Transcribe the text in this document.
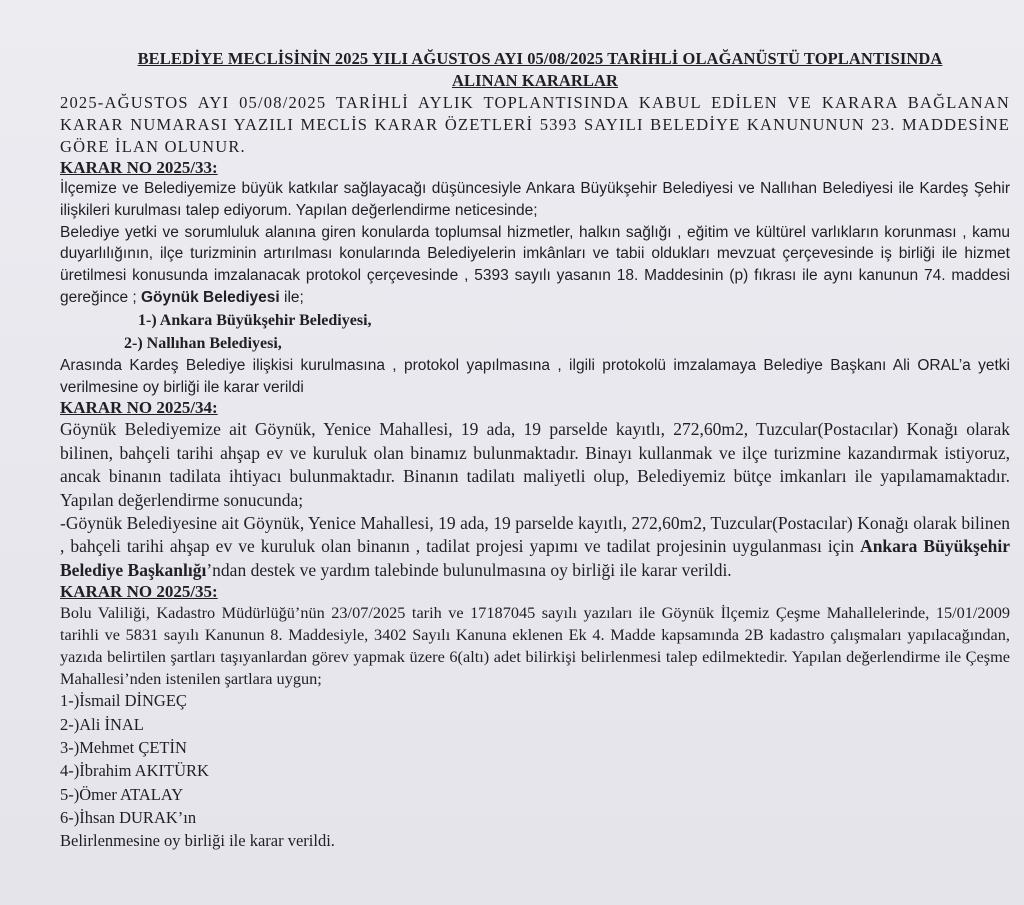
BELEDİYE MECLİSİNİN 2025 YILI AĞUSTOS AYI 05/08/2025 TARİHLİ OLAĞANÜSTÜ TOPLANTISINDA

ALINAN KARARLAR

2025-AĞUSTOS AYI 05/08/2025 TARİHLİ AYLIK TOPLANTISINDA KABUL EDİLEN VE KARARA BAĞLANAN KARAR NUMARASI YAZILI MECLİS KARAR ÖZETLERİ 5393 SAYILI BELEDİYE KANUNUNUN 23. MADDESİNE GÖRE İLAN OLUNUR.

KARAR NO 2025/33:

İlçemize ve Belediyemize büyük katkılar sağlayacağı düşüncesiyle Ankara Büyükşehir Belediyesi ve Nallıhan Belediyesi ile Kardeş Şehir ilişkileri kurulması talep ediyorum. Yapılan değerlendirme neticesinde;

Belediye yetki ve sorumluluk alanına giren konularda toplumsal hizmetler, halkın sağlığı , eğitim ve kültürel varlıkların korunması , kamu duyarlılığının, ilçe turizminin artırılması konularında Belediyelerin imkânları ve tabii oldukları mevzuat çerçevesinde iş birliği ile hizmet üretilmesi konusunda imzalanacak protokol çerçevesinde , 5393 sayılı yasanın 18. Maddesinin (p) fıkrası ile aynı kanunun 74. maddesi gereğince ; Göynük Belediyesi ile;

1-) Ankara Büyükşehir Belediyesi,

2-) Nallıhan Belediyesi,

Arasında Kardeş Belediye ilişkisi kurulmasına , protokol yapılmasına , ilgili protokolü imzalamaya Belediye Başkanı Ali ORAL’a yetki verilmesine oy birliği ile karar verildi

KARAR NO 2025/34:

Göynük Belediyemize ait Göynük, Yenice Mahallesi, 19 ada, 19 parselde kayıtlı, 272,60m2, Tuzcular(Postacılar) Konağı olarak bilinen, bahçeli tarihi ahşap ev ve kuruluk olan binamız bulunmaktadır. Binayı kullanmak ve ilçe turizmine kazandırmak istiyoruz, ancak binanın tadilata ihtiyacı bulunmaktadır. Binanın tadilatı maliyetli olup, Belediyemiz bütçe imkanları ile yapılamamaktadır. Yapılan değerlendirme sonucunda;

-Göynük Belediyesine ait Göynük, Yenice Mahallesi, 19 ada, 19 parselde kayıtlı, 272,60m2, Tuzcular(Postacılar) Konağı olarak bilinen , bahçeli tarihi ahşap ev ve kuruluk olan binanın , tadilat projesi yapımı ve tadilat projesinin uygulanması için Ankara Büyükşehir Belediye Başkanlığı’ndan destek ve yardım talebinde bulunulmasına oy birliği ile karar verildi.

KARAR NO 2025/35:

Bolu Valiliği, Kadastro Müdürlüğü’nün 23/07/2025 tarih ve 17187045 sayılı yazıları ile Göynük İlçemiz Çeşme Mahallelerinde, 15/01/2009 tarihli ve 5831 sayılı Kanunun 8. Maddesiyle, 3402 Sayılı Kanuna eklenen Ek 4. Madde kapsamında 2B kadastro çalışmaları yapılacağından, yazıda belirtilen şartları taşıyanlardan görev yapmak üzere 6(altı) adet bilirkişi belirlenmesi talep edilmektedir. Yapılan değerlendirme ile Çeşme Mahallesi’nden istenilen şartlara uygun;

1-)İsmail DİNGEÇ
2-)Ali İNAL
3-)Mehmet ÇETİN
4-)İbrahim AKITÜRK
5-)Ömer ATALAY
6-)İhsan DURAK’ın

Belirlenmesine oy birliği ile karar verildi.
